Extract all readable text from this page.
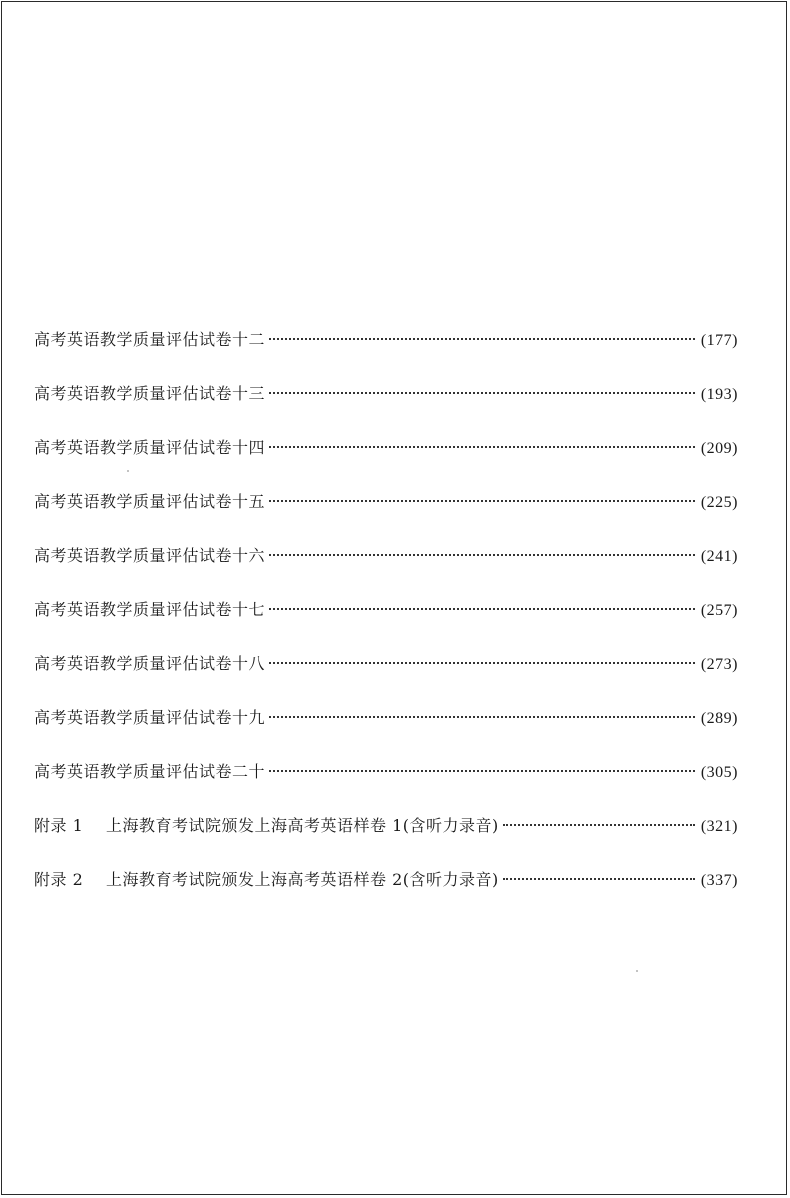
高考英语教学质量评估试卷十二	(177)
高考英语教学质量评估试卷十三	(193)
高考英语教学质量评估试卷十四	(209)
高考英语教学质量评估试卷十五	(225)
高考英语教学质量评估试卷十六	(241)
高考英语教学质量评估试卷十七	(257)
高考英语教学质量评估试卷十八	(273)
高考英语教学质量评估试卷十九	(289)
高考英语教学质量评估试卷二十	(305)
附录 1 上海教育考试院颁发上海高考英语样卷 1(含听力录音)	(321)
附录 2 上海教育考试院颁发上海高考英语样卷 2(含听力录音)	(337)
